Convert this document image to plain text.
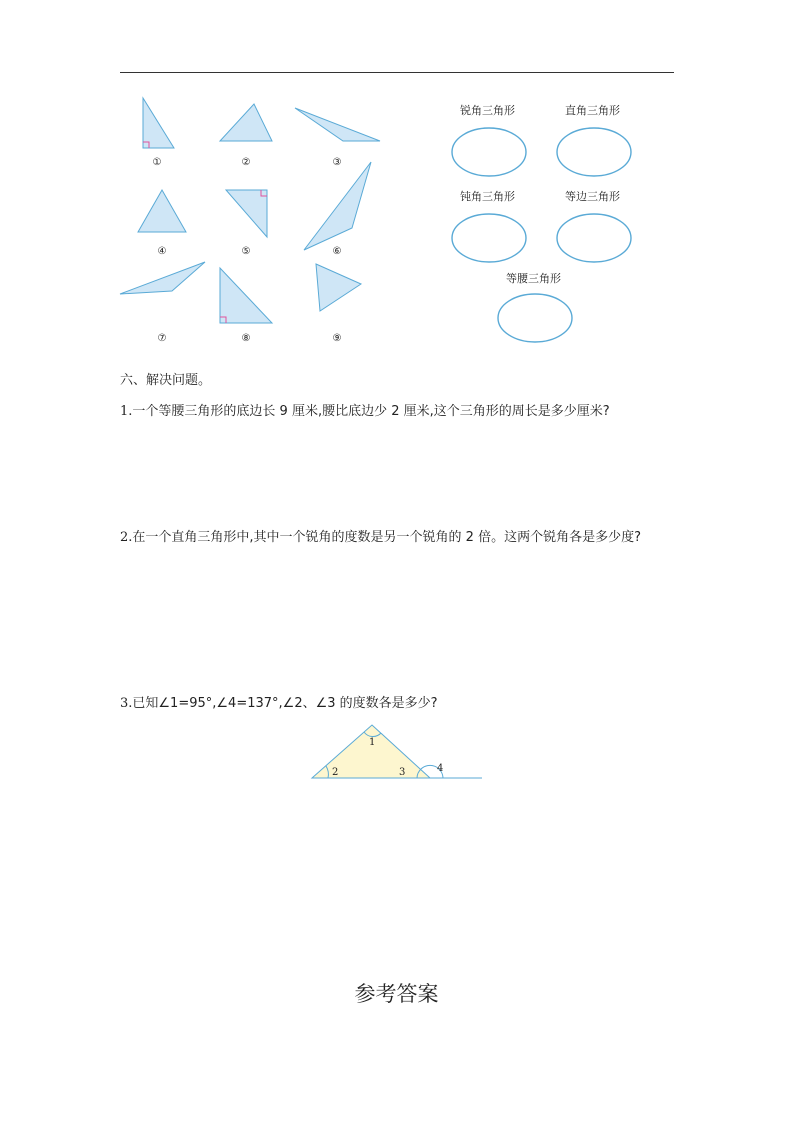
①	②	③
④	⑤	⑥
⑦	⑧	⑨
锐角三角形	直角三角形
钝角三角形	等边三角形
等腰三角形
六、解决问题。
1.一个等腰三角形的底边长 9 厘米,腰比底边少 2 厘米,这个三角形的周长是多少厘米?
2.在一个直角三角形中,其中一个锐角的度数是另一个锐角的 2 倍。这两个锐角各是多少度?
3.已知∠1=95°,∠4=137°,∠2、∠3 的度数各是多少?
1
2	3	4
参考答案
